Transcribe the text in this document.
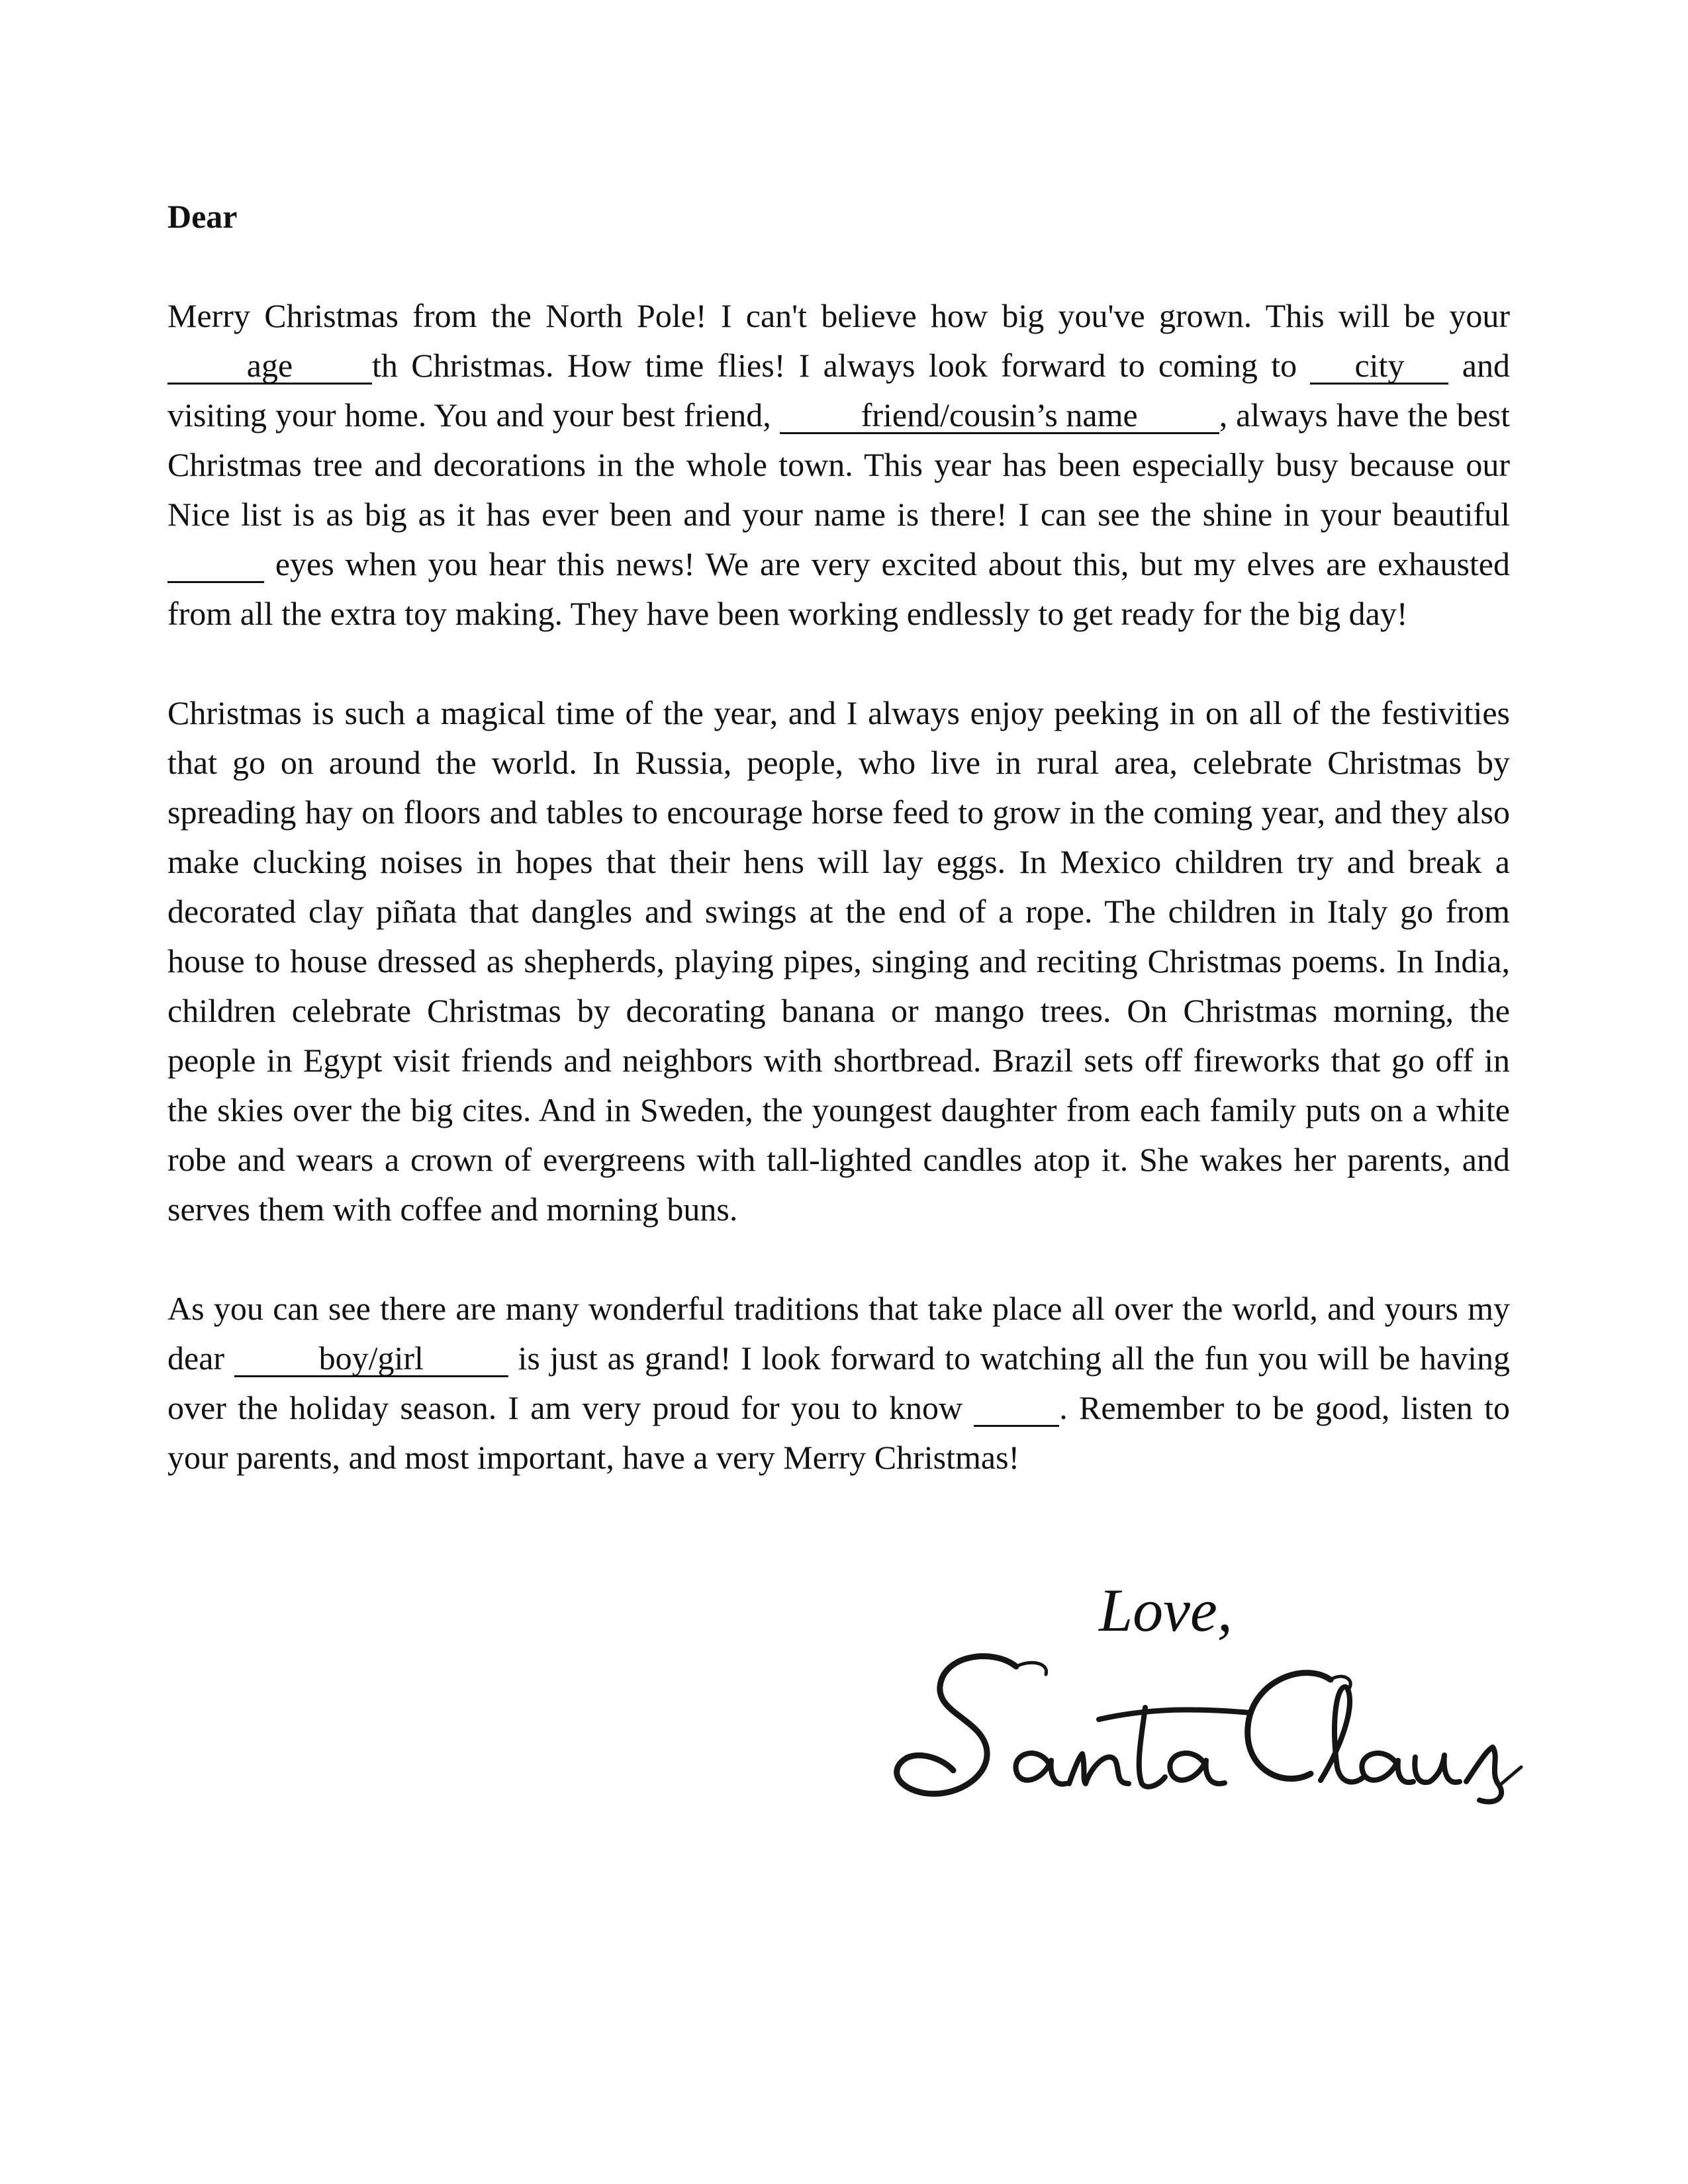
Dear

Merry Christmas from the North Pole! I can't believe how big you've grown. This will be your age th Christmas. How time flies! I always look forward to coming to city and visiting your home. You and your best friend, friend/cousin’s name , always have the best Christmas tree and decorations in the whole town. This year has been especially busy because our Nice list is as big as it has ever been and your name is there! I can see the shine in your beautiful  eyes when you hear this news! We are very excited about this, but my elves are exhausted from all the extra toy making. They have been working endlessly to get ready for the big day!

Christmas is such a magical time of the year, and I always enjoy peeking in on all of the festivities that go on around the world. In Russia, people, who live in rural area, celebrate Christmas by spreading hay on floors and tables to encourage horse feed to grow in the coming year, and they also make clucking noises in hopes that their hens will lay eggs. In Mexico children try and break a decorated clay piñata that dangles and swings at the end of a rope. The children in Italy go from house to house dressed as shepherds, playing pipes, singing and reciting Christmas poems. In India, children celebrate Christmas by decorating banana or mango trees. On Christmas morning, the people in Egypt visit friends and neighbors with shortbread. Brazil sets off fireworks that go off in the skies over the big cites. And in Sweden, the youngest daughter from each family puts on a white robe and wears a crown of evergreens with tall-lighted candles atop it. She wakes her parents, and serves them with coffee and morning buns.

As you can see there are many wonderful traditions that take place all over the world, and yours my dear	boy/girl	is just as grand! I look forward to watching all the fun you will be having over the holiday season. I am very proud for you to know	. Remember to be good, listen to your parents, and most important, have a very Merry Christmas!

Love,
